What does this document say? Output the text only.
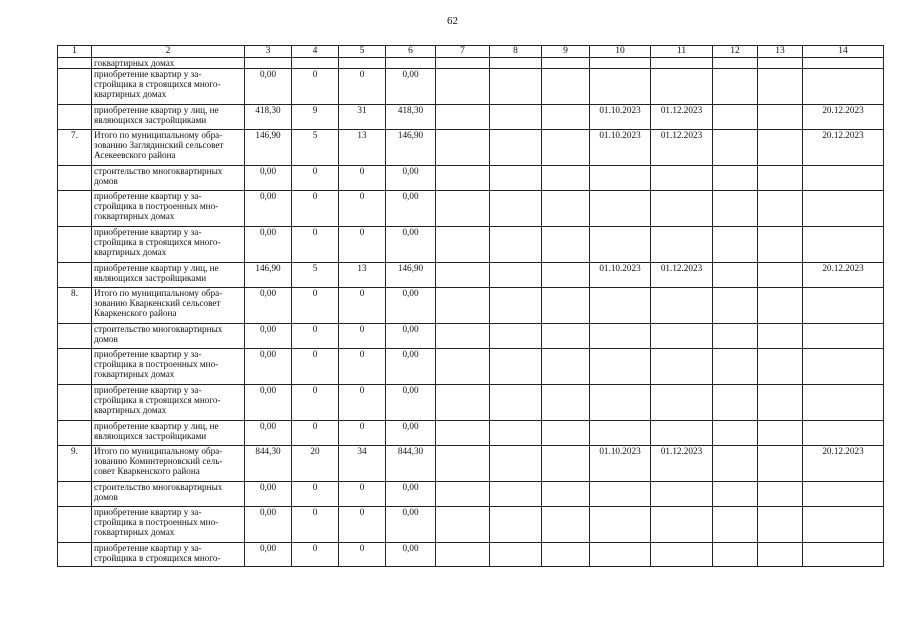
62
1	2	3	4	5	6	7	8	9	10	11	12	13	14
	гоквартирных домах												
	приобретение квартир у за-стройщика в строящихся много-квартирных домах	0,00	0	0	0,00								
	приобретение квартир у лиц, не являющихся застройщиками	418,30	9	31	418,30				01.10.2023	01.12.2023			20.12.2023
7.	Итого по муниципальному обра-зованию Заглядинский сельсовет Асекеевского района	146,90	5	13	146,90				01.10.2023	01.12.2023			20.12.2023
	строительство многоквартирных домов	0,00	0	0	0,00								
	приобретение квартир у за-стройщика в построенных мно-гоквартирных домах	0,00	0	0	0,00								
	приобретение квартир у за-стройщика в строящихся много-квартирных домах	0,00	0	0	0,00								
	приобретение квартир у лиц, не являющихся застройщиками	146,90	5	13	146,90				01.10.2023	01.12.2023			20.12.2023
8.	Итого по муниципальному обра-зованию Кваркенский сельсовет Кваркенского района	0,00	0	0	0,00								
	строительство многоквартирных домов	0,00	0	0	0,00								
	приобретение квартир у за-стройщика в построенных мно-гоквартирных домах	0,00	0	0	0,00								
	приобретение квартир у за-стройщика в строящихся много-квартирных домах	0,00	0	0	0,00								
	приобретение квартир у лиц, не являющихся застройщиками	0,00	0	0	0,00								
9.	Итого по муниципальному обра-зованию Коминтерновский сель-совет Кваркенского района	844,30	20	34	844,30				01.10.2023	01.12.2023			20.12.2023
	строительство многоквартирных домов	0,00	0	0	0,00								
	приобретение квартир у за-стройщика в построенных мно-гоквартирных домах	0,00	0	0	0,00								
	приобретение квартир у за-стройщика в строящихся много-	0,00	0	0	0,00								
